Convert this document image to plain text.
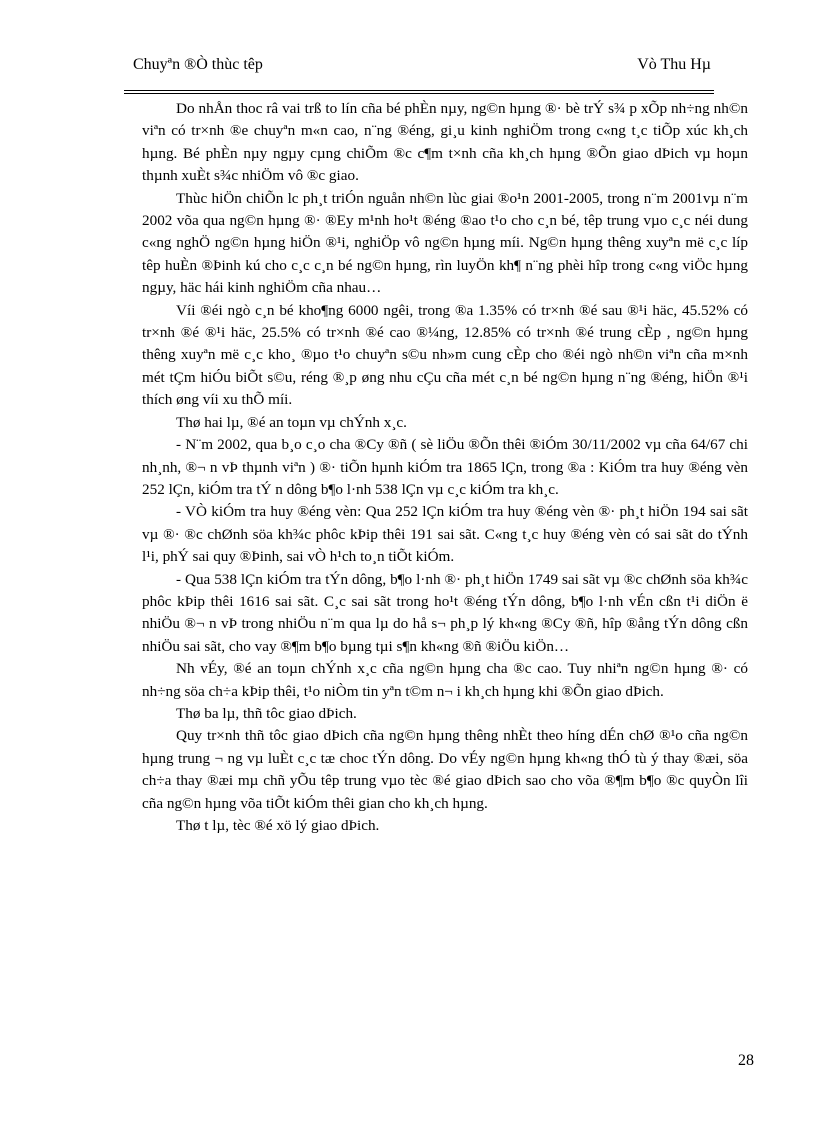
Chuyªn ®Ò thùc têp	Vò Thu Hµ

Do nhÅn thoc râ vai trß to lín cña bé phÈn nµy, ng©n hµng ®· bè trÝ s¾ p xÕp nh÷ng nh©n viªn có tr×nh ®e chuyªn m«n cao, n¨ng ®éng, gi¸u kinh nghiÖm trong c«ng t¸c tiÕp xúc kh¸ch hµng. Bé phÈn nµy ngµy cµng chiÕm ®c c¶m t×nh cña kh¸ch hµng ®Õn giao dÞich vµ hoµn thµnh xuÈt s¾c nhiÖm vô ®c giao.

Thùc hiÖn chiÕn lc ph¸t triÓn nguån nh©n lùc giai ®o¹n 2001-2005, trong n¨m 2001vµ n¨m 2002 võa qua ng©n hµng ®· ®Ey m¹nh ho¹t ®éng ®ao t¹o cho c¸n bé, têp trung vµo c¸c néi dung c«ng nghÖ ng©n hµng hiÖn ®¹i, nghiÖp vô ng©n hµng míi. Ng©n hµng thêng xuyªn më c¸c líp têp huÈn ®Þinh kú cho c¸c c¸n bé ng©n hµng, rìn luyÖn kh¶ n¨ng phèi hîp trong c«ng viÖc hµng ngµy, häc hái kinh nghiÖm cña nhau…

Víi ®éi ngò c¸n bé kho¶ng 6000 ngêi, trong ®a 1.35% có tr×nh ®é sau ®¹i häc, 45.52% có tr×nh ®é ®¹i häc, 25.5% có tr×nh ®é cao ®¼ng, 12.85% có tr×nh ®é trung cÈp , ng©n hµng thêng xuyªn më c¸c kho¸ ®µo t¹o chuyªn s©u nh»m cung cÈp cho ®éi ngò nh©n viªn cña m×nh mét tÇm hiÓu biÕt s©u, réng ®¸p øng nhu cÇu cña mét c¸n bé ng©n hµng n¨ng ®éng, hiÖn ®¹i thích øng víi xu thÕ míi.

Thø hai lµ, ®é an toµn vµ chÝnh x¸c.

- N¨m 2002, qua b¸o c¸o cha ®Cy ®ñ ( sè liÖu ®Õn thêi ®iÓm 30/11/2002 vµ cña 64/67 chi nh¸nh, ®¬ n vÞ thµnh viªn ) ®· tiÕn hµnh kiÓm tra 1865 lÇn, trong ®a : KiÓm tra huy ®éng vèn 252 lÇn, kiÓm tra tÝ n dông b¶o l·nh 538 lÇn vµ c¸c kiÓm tra kh¸c.

- VÒ kiÓm tra huy ®éng vèn: Qua 252 lÇn kiÓm tra huy ®éng vèn ®· ph¸t hiÖn 194 sai sãt vµ ®· ®c chØnh söa kh¾c phôc kÞip thêi 191 sai sãt. C«ng t¸c huy ®éng vèn có sai sãt do tÝnh l¹i, phÝ sai quy ®Þinh, sai vÒ h¹ch to¸n tiÕt kiÓm.

- Qua 538 lÇn kiÓm tra tÝn dông, b¶o l·nh ®· ph¸t hiÖn 1749 sai sãt vµ ®c chØnh söa kh¾c phôc kÞip thêi 1616 sai sãt. C¸c sai sãt trong ho¹t ®éng tÝn dông, b¶o l·nh vÉn cßn t¹i diÖn ë nhiÖu ®¬ n vÞ trong nhiÖu n¨m qua lµ do hå s¬ ph¸p lý kh«ng ®Cy ®ñ, hîp ®ång tÝn dông cßn nhiÖu sai sãt, cho vay ®¶m b¶o bµng tµi s¶n kh«ng ®ñ ®iÖu kiÖn…

Nh vÉy, ®é an toµn chÝnh x¸c cña ng©n hµng cha ®c cao. Tuy nhiªn ng©n hµng ®· có nh÷ng söa ch÷a kÞip thêi, t¹o niÒm tin yªn t©m n¬ i kh¸ch hµng khi ®Õn giao dÞich.

Thø ba lµ, thñ tôc giao dÞich.

Quy tr×nh thñ tôc giao dÞich cña ng©n hµng thêng nhÈt theo híng dÉn chØ ®¹o cña ng©n hµng trung ¬ ng vµ luÈt c¸c tæ choc tÝn dông. Do vÉy ng©n hµng kh«ng thÓ tù ý thay ®æi, söa ch÷a thay ®æi mµ chñ yÕu têp trung vµo tèc ®é giao dÞich sao cho võa ®¶m b¶o ®c quyÒn lîi cña ng©n hµng võa tiÕt kiÓm thêi gian cho kh¸ch hµng.

Thø t lµ, tèc ®é xö lý giao dÞich.

28
